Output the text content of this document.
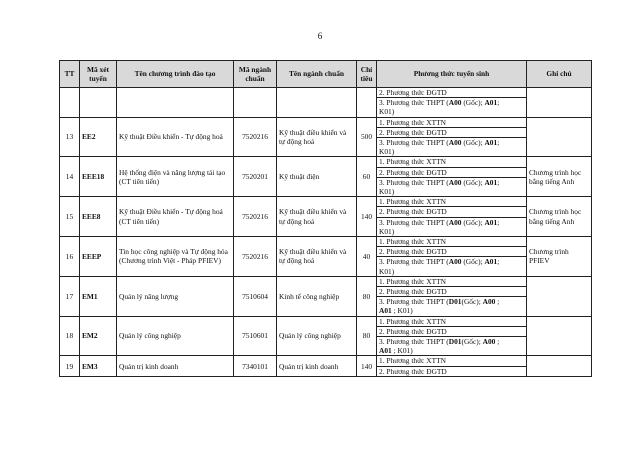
6
TT	Mã xét tuyển	Tên chương trình đào tạo	Mã ngành chuẩn	Tên ngành chuẩn	Chỉ tiêu	Phương thức tuyển sinh	Ghi chú

						2. Phương thức ĐGTD
3. Phương thức THPT (A00 (Gốc); A01;
K01)	

13	EE2	Kỹ thuật Điều khiển - Tự động hoá	7520216	Kỹ thuật điều khiển và tự động hoá	500	1. Phương thức XTTN
2. Phương thức ĐGTD
3. Phương thức THPT (A00 (Gốc); A01;
K01)	

14	EEE18	Hệ thống điện và năng lượng tái tạo (CT tiên tiến)	7520201	Kỹ thuật điện	60	1. Phương thức XTTN
2. Phương thức ĐGTD
3. Phương thức THPT (A00 (Gốc); A01;
K01)	Chương trình học bằng tiếng Anh
15	EEE8	Kỹ thuật Điều khiển - Tự động hoá (CT tiên tiến)	7520216	Kỹ thuật điều khiển và tự động hoá	140	1. Phương thức XTTN
2. Phương thức ĐGTD
3. Phương thức THPT (A00 (Gốc); A01;
K01)	Chương trình học bằng tiếng Anh
16	EEEP	Tin học công nghiệp và Tự động hóa (Chương trình Việt - Pháp PFIEV)	7520216	Kỹ thuật điều khiển và tự động hoá	40	1. Phương thức XTTN
2. Phương thức ĐGTD
3. Phương thức THPT (A00 (Gốc); A01;
K01)	Chương trình PFIEV
17	EM1	Quản lý năng lượng	7510604	Kinh tế công nghiệp	80	1. Phương thức XTTN
2. Phương thức ĐGTD
3. Phương thức THPT (D01(Gốc); A00 ;
A01 ; K01)	

18	EM2	Quản lý công nghiệp	7510601	Quản lý công nghiệp	80	1. Phương thức XTTN
2. Phương thức ĐGTD
3. Phương thức THPT (D01(Gốc); A00 ;
A01 ; K01)	

19	EM3	Quản trị kinh doanh	7340101	Quản trị kinh doanh	140	1. Phương thức XTTN
2. Phương thức ĐGTD	
